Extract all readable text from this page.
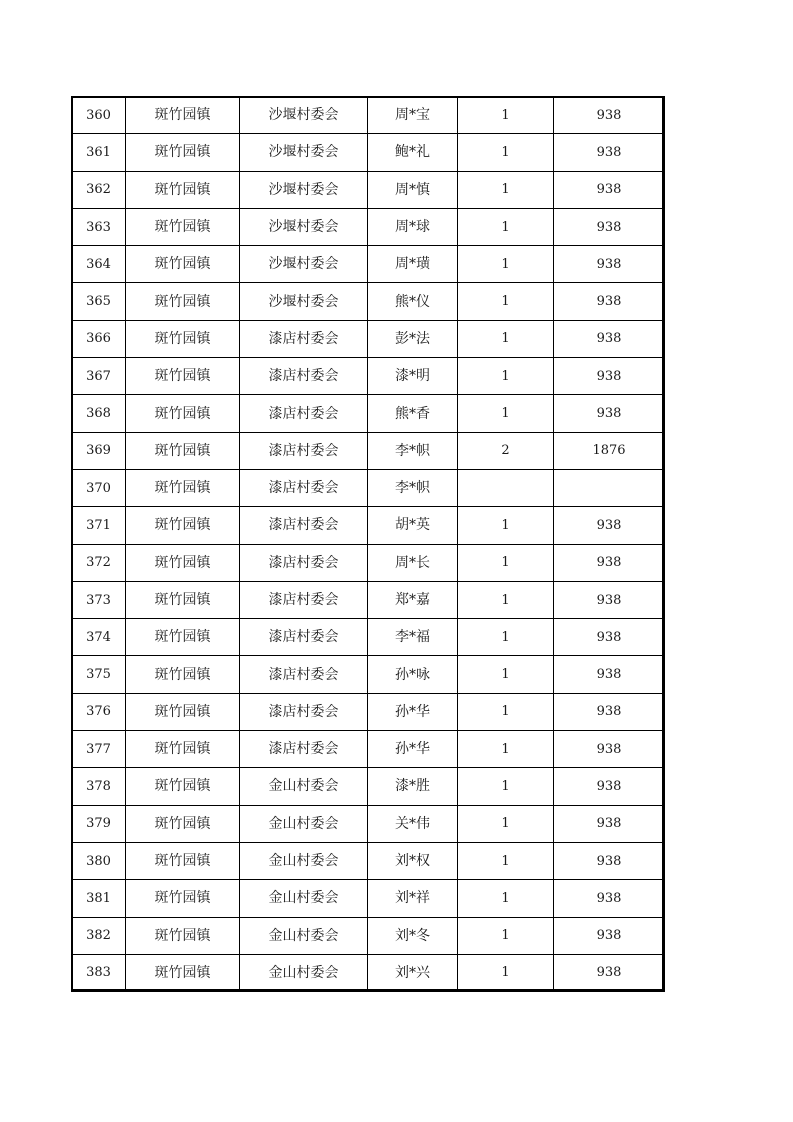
360	斑竹园镇	沙堰村委会	周*宝	1	938
361	斑竹园镇	沙堰村委会	鲍*礼	1	938
362	斑竹园镇	沙堰村委会	周*慎	1	938
363	斑竹园镇	沙堰村委会	周*球	1	938
364	斑竹园镇	沙堰村委会	周*璜	1	938
365	斑竹园镇	沙堰村委会	熊*仪	1	938
366	斑竹园镇	漆店村委会	彭*法	1	938
367	斑竹园镇	漆店村委会	漆*明	1	938
368	斑竹园镇	漆店村委会	熊*香	1	938
369	斑竹园镇	漆店村委会	李*帜	2	1876
370	斑竹园镇	漆店村委会	李*帜		
371	斑竹园镇	漆店村委会	胡*英	1	938
372	斑竹园镇	漆店村委会	周*长	1	938
373	斑竹园镇	漆店村委会	郑*嘉	1	938
374	斑竹园镇	漆店村委会	李*福	1	938
375	斑竹园镇	漆店村委会	孙*咏	1	938
376	斑竹园镇	漆店村委会	孙*华	1	938
377	斑竹园镇	漆店村委会	孙*华	1	938
378	斑竹园镇	金山村委会	漆*胜	1	938
379	斑竹园镇	金山村委会	关*伟	1	938
380	斑竹园镇	金山村委会	刘*权	1	938
381	斑竹园镇	金山村委会	刘*祥	1	938
382	斑竹园镇	金山村委会	刘*冬	1	938
383	斑竹园镇	金山村委会	刘*兴	1	938
